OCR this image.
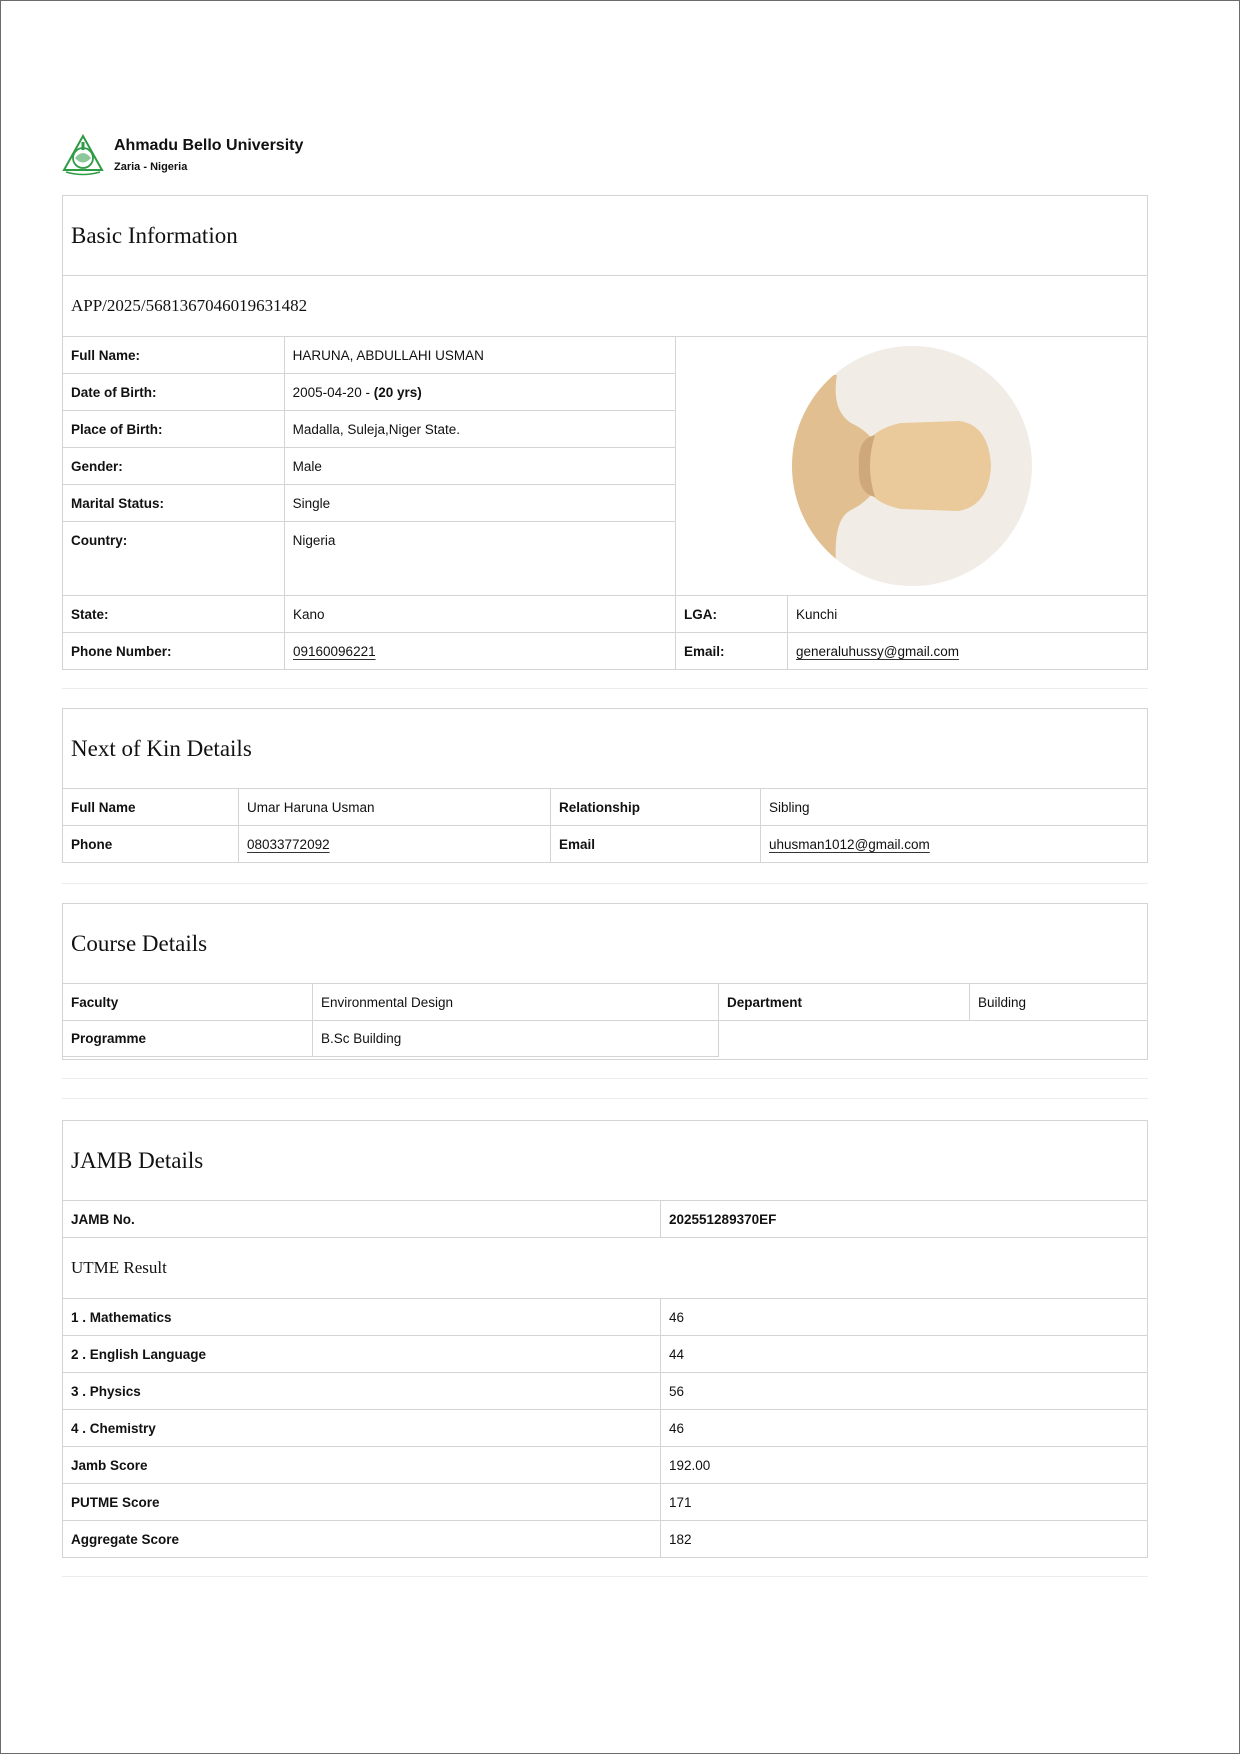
Ahmadu Bello University
Zaria - Nigeria
Basic Information
APP/2025/5681367046019631482
Full Name:	HARUNA, ABDULLAHI USMAN
Date of Birth:	2005-04-20 - (20 yrs)
Place of Birth:	Madalla, Suleja,Niger State.
Gender:	Male
Marital Status:	Single
Country:	Nigeria
State:	Kano	LGA:	Kunchi
Phone Number:	09160096221	Email:	generaluhussy@gmail.com
Next of Kin Details
Full Name	Umar Haruna Usman	Relationship	Sibling
Phone	08033772092	Email	uhusman1012@gmail.com
Course Details
Faculty	Environmental Design	Department	Building
Programme	B.Sc Building
JAMB Details
JAMB No.	202551289370EF
UTME Result
1 . Mathematics	46
2 . English Language	44
3 . Physics	56
4 . Chemistry	46
Jamb Score	192.00
PUTME Score	171
Aggregate Score	182
